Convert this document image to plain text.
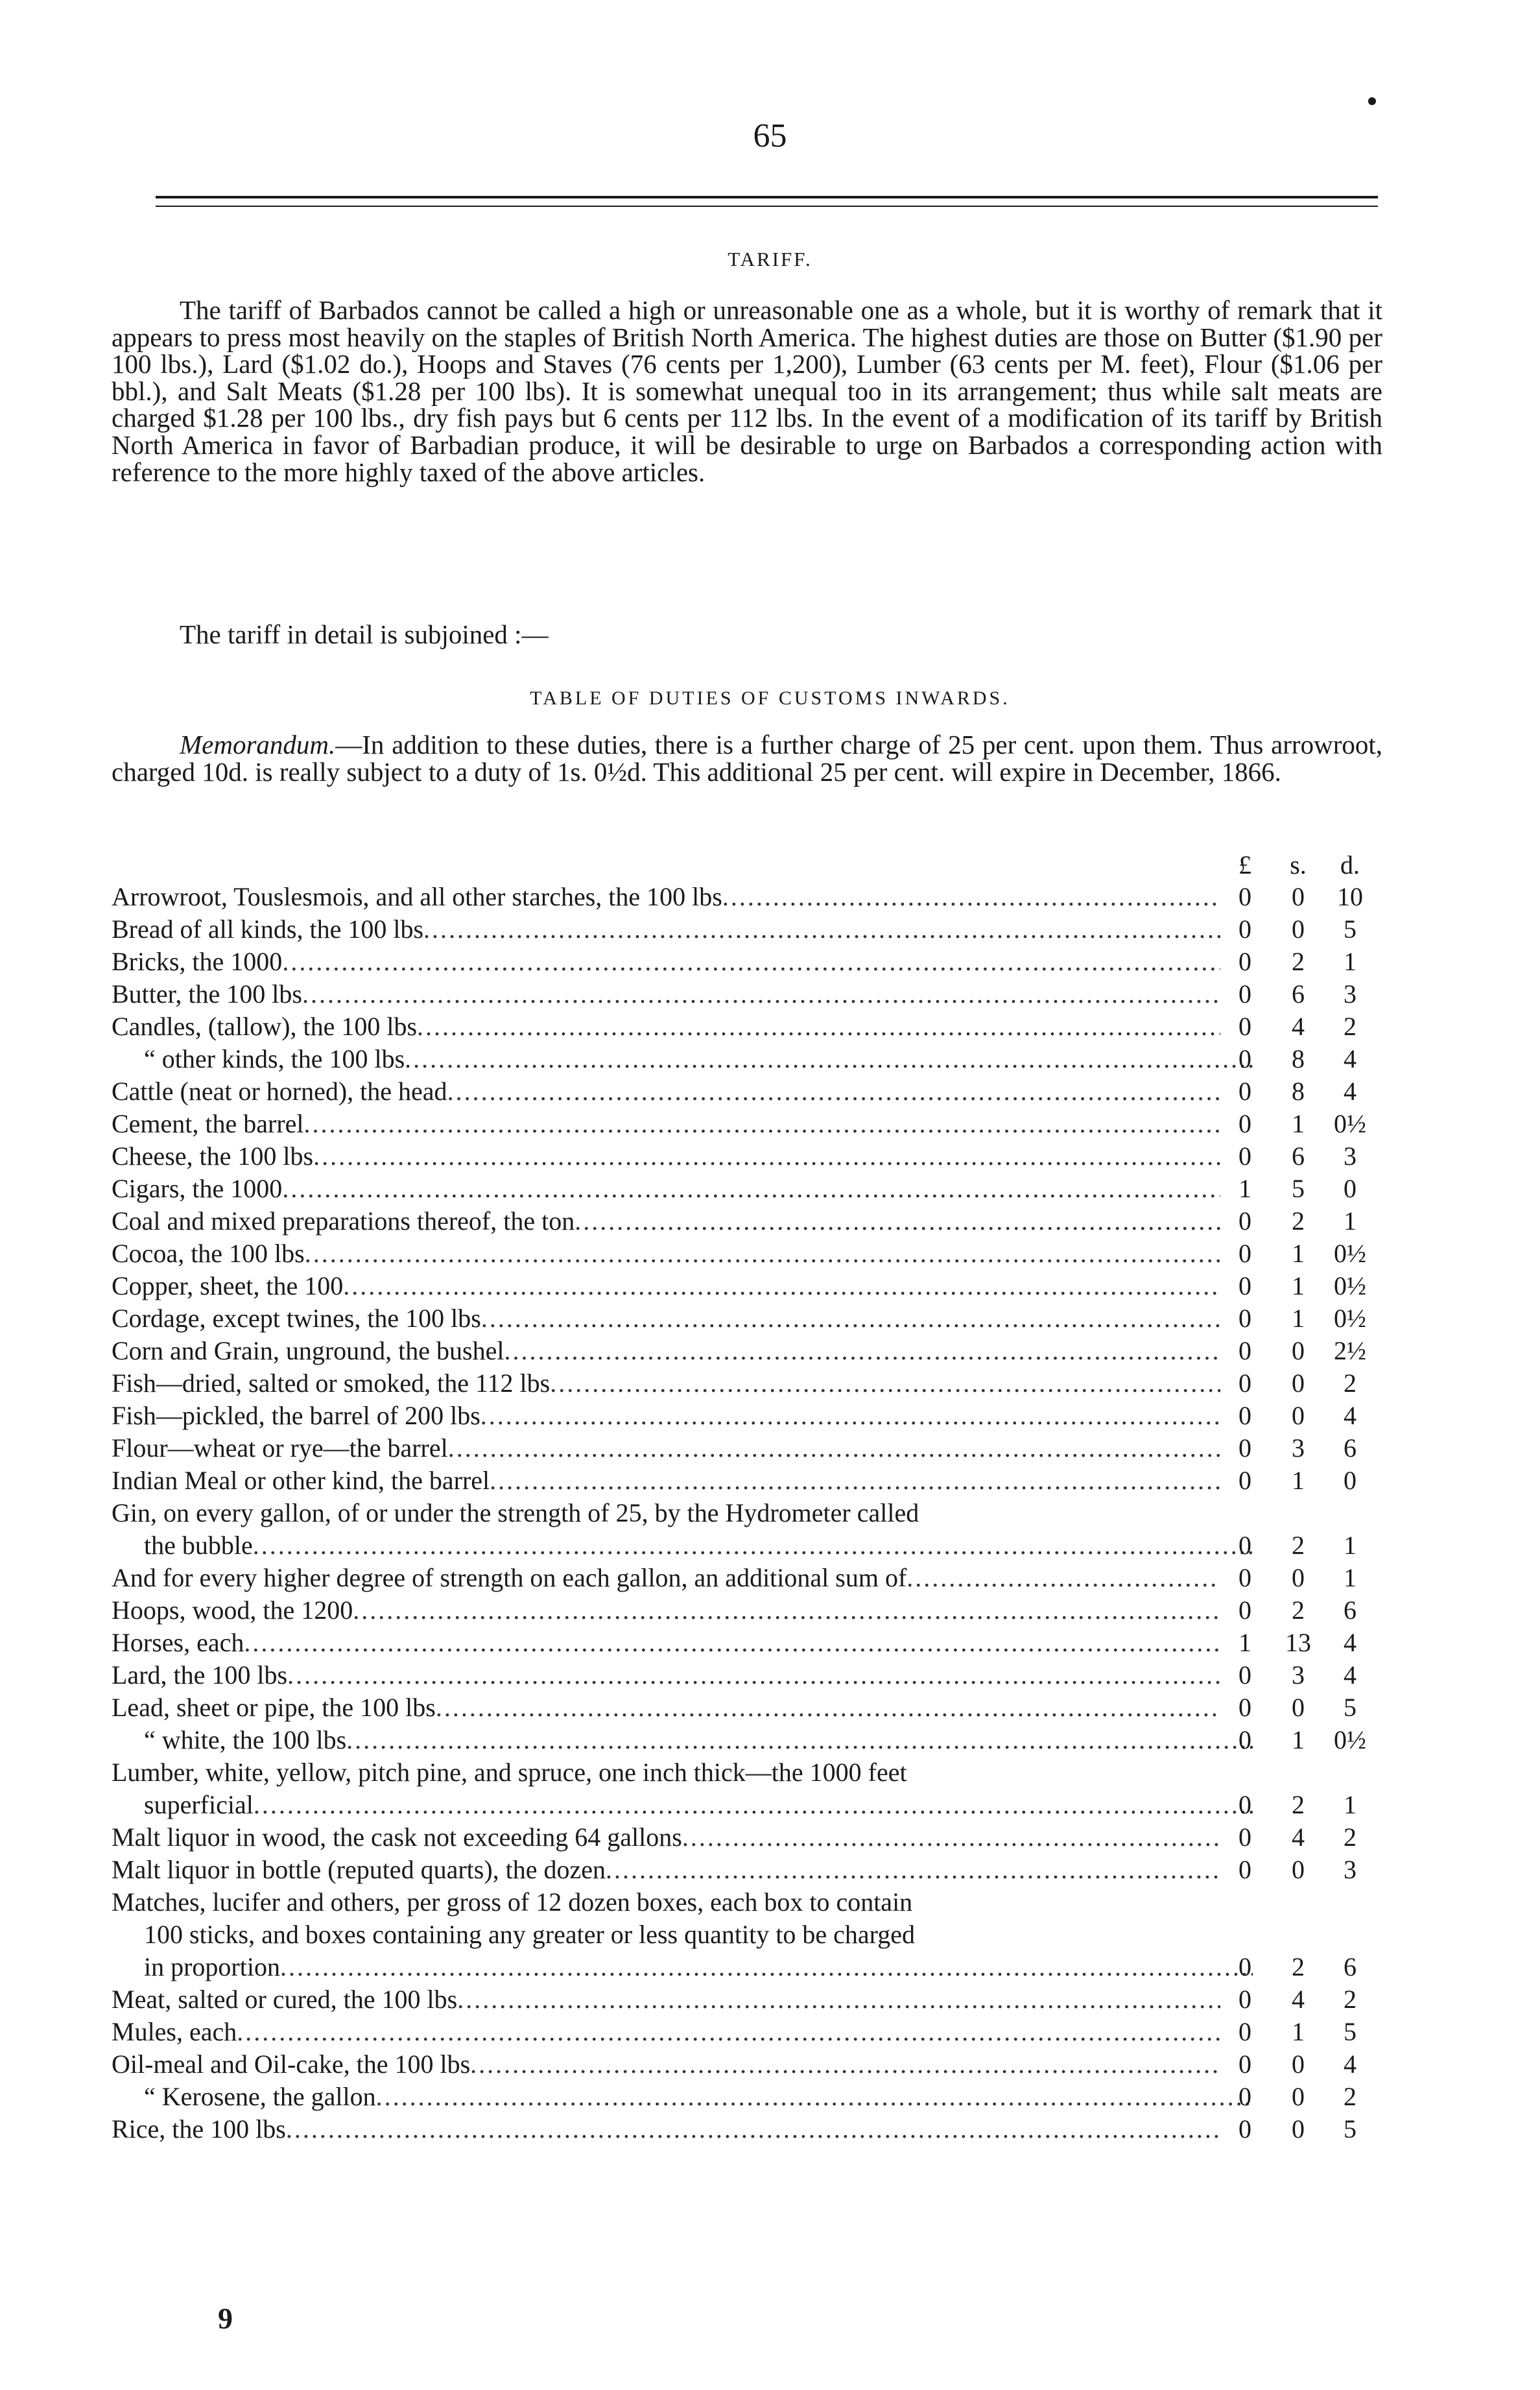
65
TARIFF.
The tariff of Barbados cannot be called a high or unreasonable one as a whole, but it is worthy of remark that it appears to press most heavily on the staples of British North America. The highest duties are those on Butter ($1.90 per 100 lbs.), Lard ($1.02 do.), Hoops and Staves (76 cents per 1,200), Lumber (63 cents per M. feet), Flour ($1.06 per bbl.), and Salt Meats ($1.28 per 100 lbs). It is somewhat unequal too in its arrangement; thus while salt meats are charged $1.28 per 100 lbs., dry fish pays but 6 cents per 112 lbs. In the event of a modification of its tariff by British North America in favor of Barbadian produce, it will be desirable to urge on Barbados a corresponding action with reference to the more highly taxed of the above articles.
The tariff in detail is subjoined :—
TABLE OF DUTIES OF CUSTOMS INWARDS.
Memorandum.—In addition to these duties, there is a further charge of 25 per cent. upon them. Thus arrowroot, charged 10d. is really subject to a duty of 1s. 0½d. This additional 25 per cent. will expire in December, 1866.
£	s.	d.
Arrowroot, Touslesmois, and all other starches, the 100 lbs .....	0	0	10
Bread of all kinds, the 100 lbs .....	0	0	5
Bricks, the 1000 .....	0	2	1
Butter, the 100 lbs .....	0	6	3
Candles, (tallow), the 100 lbs .....	0	4	2
“ other kinds, the 100 lbs .....	0	8	4
Cattle (neat or horned), the head .....	0	8	4
Cement, the barrel .....	0	1	0½
Cheese, the 100 lbs .....	0	6	3
Cigars, the 1000 .....	1	5	0
Coal and mixed preparations thereof, the ton .....	0	2	1
Cocoa, the 100 lbs .....	0	1	0½
Copper, sheet, the 100 .....	0	1	0½
Cordage, except twines, the 100 lbs .....	0	1	0½
Corn and Grain, unground, the bushel .....	0	0	2½
Fish—dried, salted or smoked, the 112 lbs .....	0	0	2
Fish—pickled, the barrel of 200 lbs .....	0	0	4
Flour—wheat or rye—the barrel .....	0	3	6
Indian Meal or other kind, the barrel .....	0	1	0
Gin, on every gallon, of or under the strength of 25, by the Hydrometer called
the bubble .....	0	2	1
And for every higher degree of strength on each gallon, an additional sum of .....	0	0	1
Hoops, wood, the 1200 .....	0	2	6
Horses, each .....	1	13	4
Lard, the 100 lbs .....	0	3	4
Lead, sheet or pipe, the 100 lbs .....	0	0	5
“ white, the 100 lbs .....	0	1	0½
Lumber, white, yellow, pitch pine, and spruce, one inch thick—the 1000 feet
superficial .....	0	2	1
Malt liquor in wood, the cask not exceeding 64 gallons .....	0	4	2
Malt liquor in bottle (reputed quarts), the dozen .....	0	0	3
Matches, lucifer and others, per gross of 12 dozen boxes, each box to contain
100 sticks, and boxes containing any greater or less quantity to be charged
in proportion .....	0	2	6
Meat, salted or cured, the 100 lbs .....	0	4	2
Mules, each .....	0	1	5
Oil-meal and Oil-cake, the 100 lbs .....	0	0	4
“ Kerosene, the gallon .....	0	0	2
Rice, the 100 lbs .....	0	0	5
9
